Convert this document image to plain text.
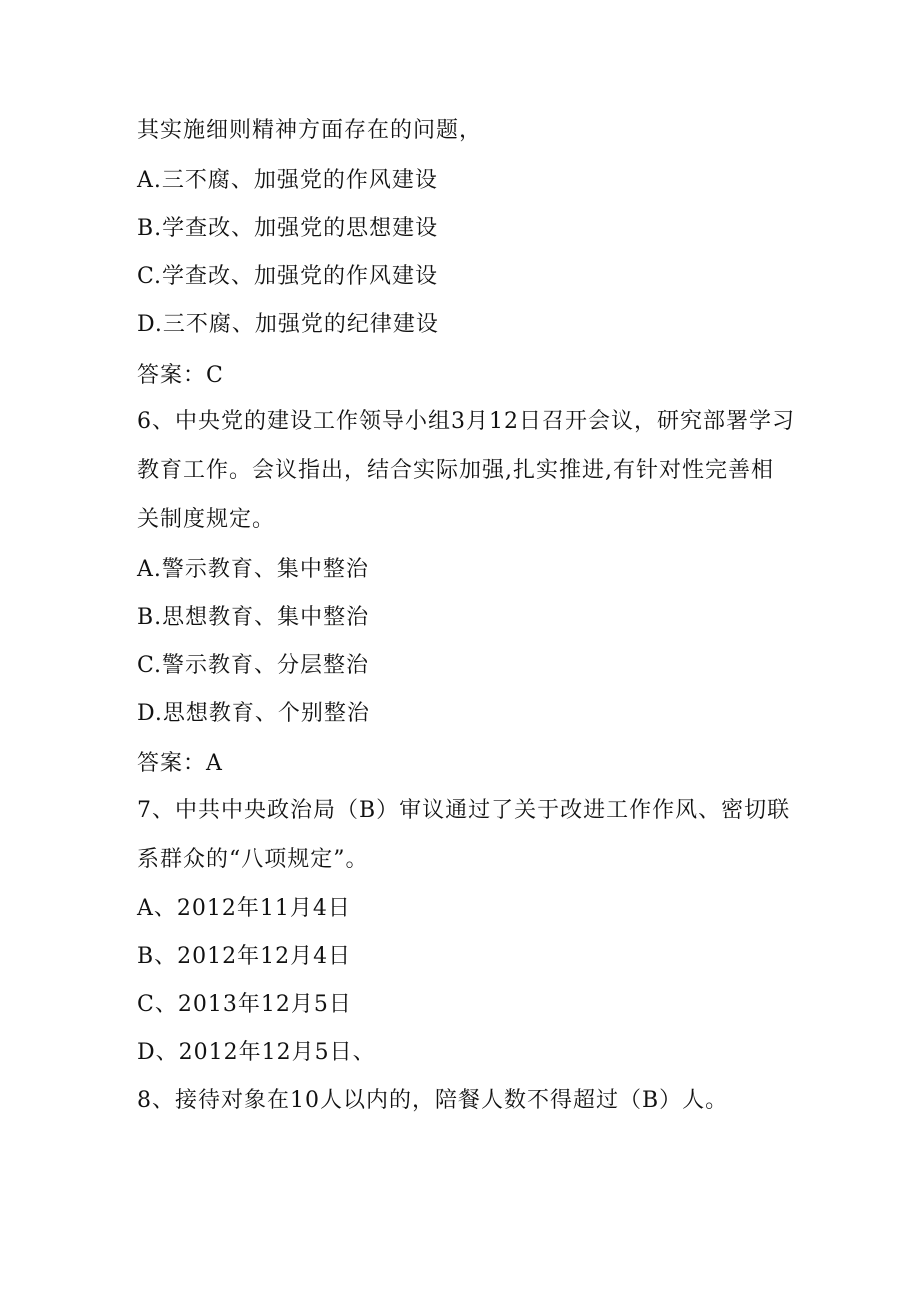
其实施细则精神方面存在的问题，
A.三不腐、加强党的作风建设
B.学查改、加强党的思想建设
C.学查改、加强党的作风建设
D.三不腐、加强党的纪律建设
答案：C
6、中央党的建设工作领导小组3月12日召开会议，研究部署学习
教育工作。会议指出，结合实际加强,扎实推进,有针对性完善相
关制度规定。
A.警示教育、集中整治
B.思想教育、集中整治
C.警示教育、分层整治
D.思想教育、个别整治
答案：A
7、中共中央政治局（B）审议通过了关于改进工作作风、密切联
系群众的“八项规定”。
A、2012年11月4日
B、2012年12月4日
C、2013年12月5日
D、2012年12月5日、
8、接待对象在10人以内的，陪餐人数不得超过（B）人。
